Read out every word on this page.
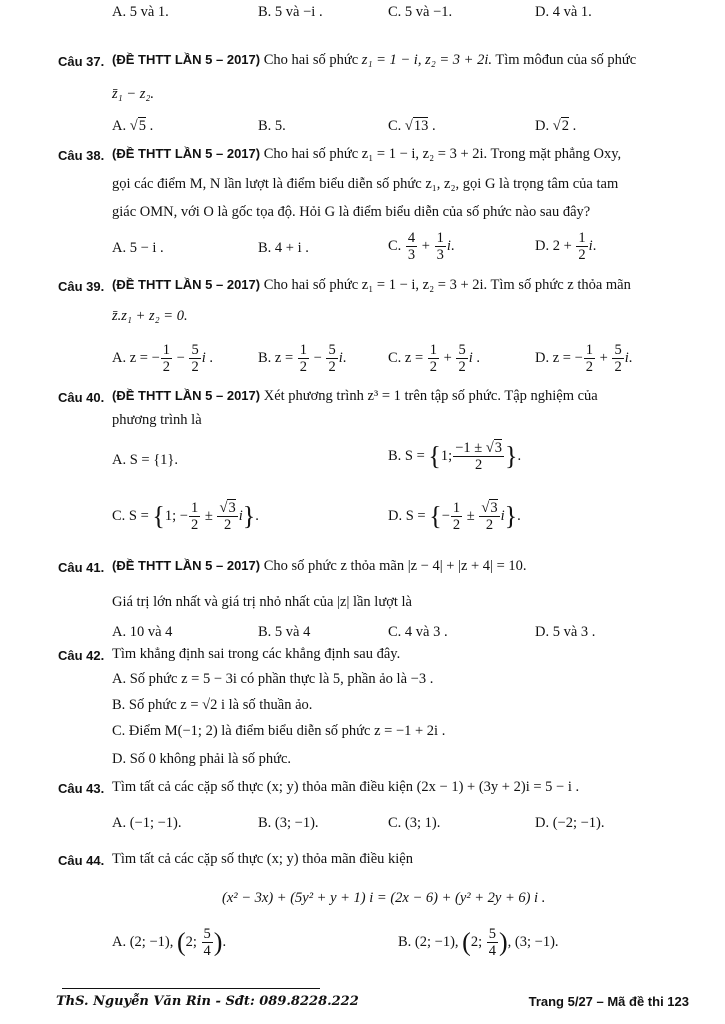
A. 5 và 1.	B. 5 và −i .	C. 5 và −1.	D. 4 và 1.
Câu 37. (ĐỀ THTT LẦN 5 – 2017) Cho hai số phức z₁ = 1 − i, z₂ = 3 + 2i. Tìm môđun của số phức
z̄₁ − z₂.
A. √5 .	B. 5.	C. √13 .	D. √2 .
Câu 38. (ĐỀ THTT LẦN 5 – 2017) Cho hai số phức z₁ = 1 − i, z₂ = 3 + 2i. Trong mặt phẳng Oxy,
gọi các điểm M, N lần lượt là điểm biểu diễn số phức z₁, z₂, gọi G là trọng tâm của tam
giác OMN, với O là gốc tọa độ. Hỏi G là điểm biểu diễn của số phức nào sau đây?
A. 5 − i .	B. 4 + i .	C. $\frac{4}{3} + \frac{1}{3} i$.	D. $2 + \frac{1}{2} i$.
Câu 39. (ĐỀ THTT LẦN 5 – 2017) Cho hai số phức z₁ = 1 − i, z₂ = 3 + 2i. Tìm số phức z thỏa mãn
z̄.z₁ + z₂ = 0.
A. z = − $\frac{1}{2} - \frac{5}{2}$ i .	B. $z = \frac{1}{2} - \frac{5}{2} i$.	C. $z = \frac{1}{2} + \frac{5}{2}$ i .	D. z = − $\frac{1}{2} + \frac{5}{2} i$.
Câu 40. (ĐỀ THTT LẦN 5 – 2017) Xét phương trình z³ = 1 trên tập số phức. Tập nghiệm của
phương trình là
A. S = {1}.	B. S = {1; $\frac{-1 \pm √3}{2}$ }.
C. S = {1; − $\frac{1}{2} \pm \frac{√3}{2} i$}.	D. S = {− $\frac{1}{2} \pm \frac{√3}{2} i$}.
Câu 41. (ĐỀ THTT LẦN 5 – 2017) Cho số phức z thỏa mãn |z − 4| + |z + 4| = 10.
Giá trị lớn nhất và giá trị nhỏ nhất của |z| lần lượt là
A. 10 và 4	B. 5 và 4	C. 4 và 3 .	D. 5 và 3 .
Câu 42. Tìm khẳng định sai trong các khẳng định sau đây.
A. Số phức z = 5 − 3i có phần thực là 5, phần ảo là −3 .
B. Số phức z = √2 i là số thuần ảo.
C. Điểm M(−1; 2) là điểm biểu diễn số phức z = −1 + 2i .
D. Số 0 không phải là số phức.
Câu 43. Tìm tất cả các cặp số thực (x; y) thỏa mãn điều kiện (2x − 1) + (3y + 2)i = 5 − i .
A. (−1; −1).	B. (3; −1).	C. (3; 1).	D. (−2; −1).
Câu 44. Tìm tất cả các cặp số thực (x; y) thỏa mãn điều kiện
(x² − 3x) + (5y² + y + 1) i = (2x − 6) + (y² + 2y + 6) i .
A. (2; −1), (2; $\frac{5}{4}$ ).	B. (2; −1), (2; $\frac{5}{4}$ ), (3; −1).
ThS. Nguyễn Văn Rin - Sđt: 089.8228.222	Trang 5/27 – Mã đề thi 123
